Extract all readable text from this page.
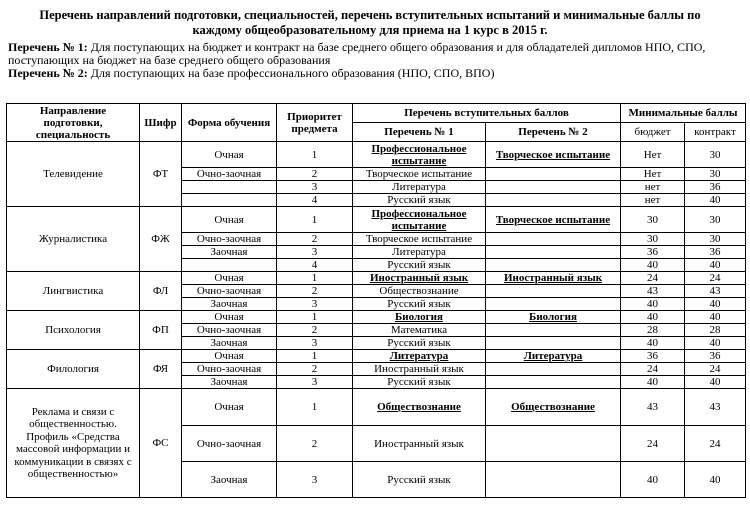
Перечень направлений подготовки, специальностей, перечень вступительных испытаний и минимальные баллы по каждому общеобразовательному для приема на 1 курс в 2015 г.
Перечень № 1: Для поступающих на бюджет и контракт на базе среднего общего образования и для обладателей дипломов НПО, СПО, поступающих на бюджет на базе среднего общего образования
Перечень № 2: Для поступающих на базе профессионального образования (НПО, СПО, ВПО)
Направление подготовки, специальность	Шифр	Форма обучения	Приоритет предмета	Перечень вступительных баллов		Минимальные баллы	
				Перечень № 1	Перечень № 2	бюджет	контракт
Телевидение	ФТ	Очная	1	Профессиональное испытание	Творческое испытание	Нет	30
		Очно-заочная	2	Творческое испытание		Нет	30
			3	Литература		нет	36
			4	Русский язык		нет	40
Журналистика	ФЖ	Очная	1	Профессиональное испытание	Творческое испытание	30	30
		Очно-заочная	2	Творческое испытание		30	30
		Заочная	3	Литература		36	36
			4	Русский язык		40	40
Лингвистика	ФЛ	Очная	1	Иностранный язык	Иностранный язык	24	24
		Очно-заочная	2	Обществознание		43	43
		Заочная	3	Русский язык		40	40
Психология	ФП	Очная	1	Биология	Биология	40	40
		Очно-заочная	2	Математика		28	28
		Заочная	3	Русский язык		40	40
Филология	ФЯ	Очная	1	Литература	Литература	36	36
		Очно-заочная	2	Иностранный язык		24	24
		Заочная	3	Русский язык		40	40
Реклама и связи с общественностью. Профиль «Средства массовой информации и коммуникации в связях с общественностью»	ФС	Очная	1	Обществознание	Обществознание	43	43
		Очно-заочная	2	Иностранный язык		24	24
		Заочная	3	Русский язык		40	40
